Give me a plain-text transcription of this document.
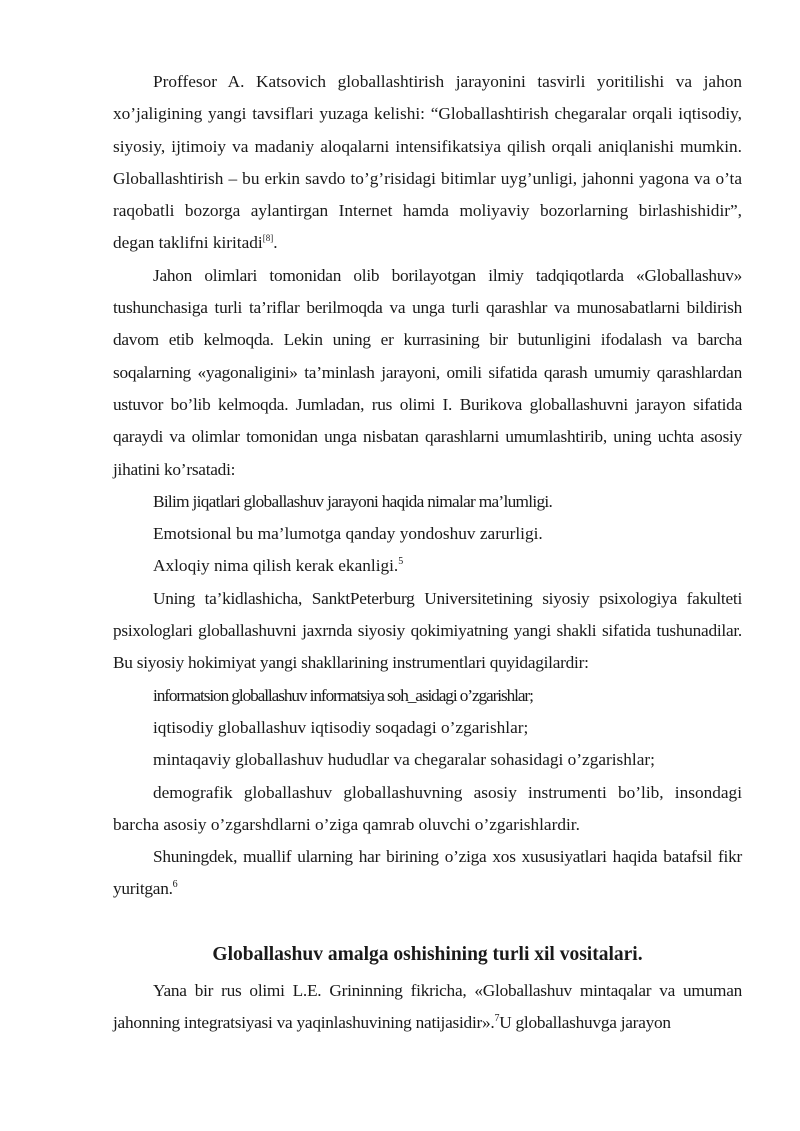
Proffesor A. Katsovich globallashtirish jarayonini tasvirli yoritilishi va jahon xo’jaligining yangi tavsiflari yuzaga kelishi: “Globallashtirish chegaralar orqali iqtisodiy, siyosiy, ijtimoiy va madaniy aloqalarni intensifikatsiya qilish orqali aniqlanishi mumkin. Globallashtirish – bu erkin savdo to’g’risidagi bitimlar uyg’unligi, jahonni yagona va o’ta raqobatli bozorga aylantirgan Internet hamda moliyaviy bozorlarning birlashishidir”, degan taklifni kiritadi[8].

Jahon olimlari tomonidan olib borilayotgan ilmiy tadqiqotlarda «Globallashuv» tushunchasiga turli ta’riflar berilmoqda va unga turli qarashlar va munosabatlarni bildirish davom etib kelmoqda. Lekin uning er kurrasining bir butunligini ifodalash va barcha soqalarning «yagonaligini» ta’minlash jarayoni, omili sifatida qarash umumiy qarashlardan ustuvor bo’lib kelmoqda. Jumladan, rus olimi I. Burikova globallashuvni jarayon sifatida qaraydi va olimlar tomonidan unga nisbatan qarashlarni umumlashtirib, uning uchta asosiy jihatini ko’rsatadi:

Bilim jiqatlari globallashuv jarayoni haqida nimalar ma’lumligi.

Emotsional bu ma’lumotga qanday yondoshuv zarurligi.

Axloqiy nima qilish kerak ekanligi.$^5$

Uning ta’kidlashicha, SanktPeterburg Universitetining siyosiy psixologiya fakulteti psixologlari globallashuvni jaxrnda siyosiy qokimiyatning yangi shakli sifatida tushunadilar. Bu siyosiy hokimiyat yangi shakllarining instrumentlari quyidagilardir:

informatsion globallashuv informatsiya soh_asidagi o’zgarishlar;

iqtisodiy globallashuv iqtisodiy soqadagi o’zgarishlar;

mintaqaviy globallashuv hududlar va chegaralar sohasidagi o’zgarishlar;

demografik globallashuv globallashuvning asosiy instrumenti bo’lib, insondagi barcha asosiy o’zgarshdlarni o’ziga qamrab oluvchi o’zgarishlardir.

Shuningdek, muallif ularning har birining o’ziga xos xususiyatlari haqida batafsil fikr yuritgan.$^6$

Globallashuv amalga oshishining turli xil vositalari.

Yana bir rus olimi L.E. Grininning fikricha, «Globallashuv mintaqalar va umuman jahonning integratsiyasi va yaqinlashuvining natijasidir».$^7$U globallashuvga jarayon
